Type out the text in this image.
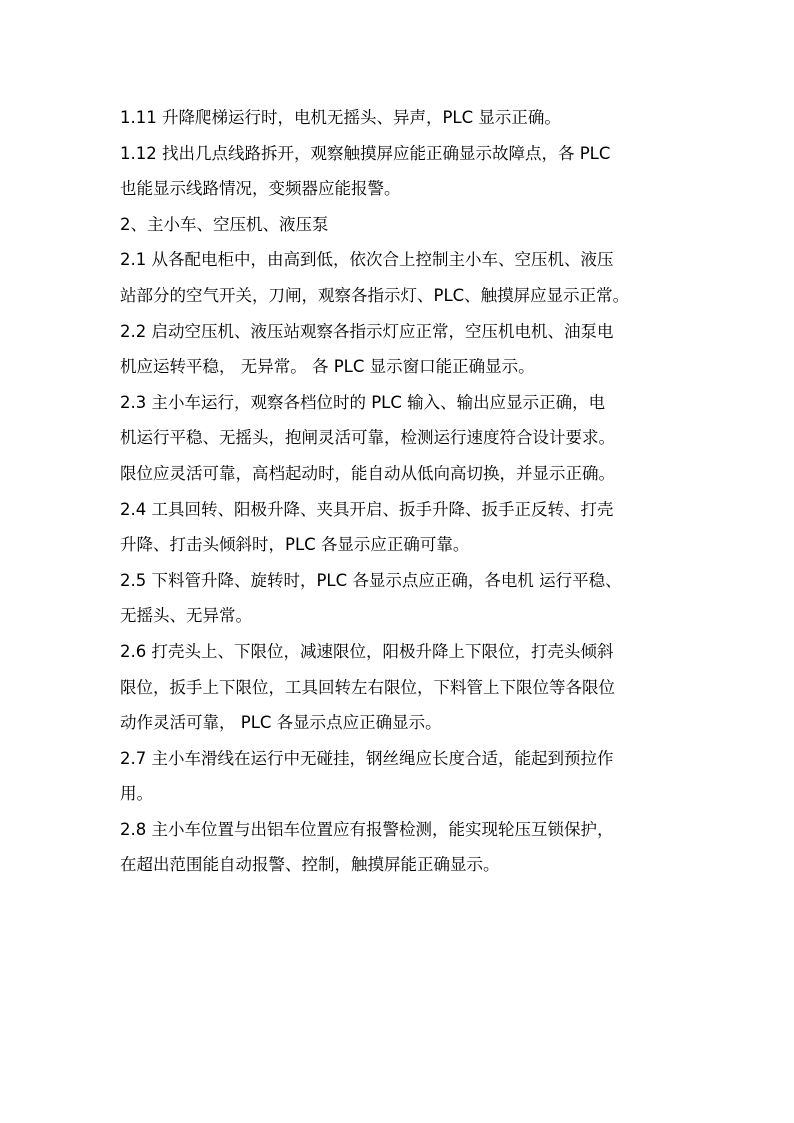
1.11 升降爬梯运行时，电机无摇头、异声，PLC 显示正确。
1.12 找出几点线路拆开，观察触摸屏应能正确显示故障点，各 PLC
也能显示线路情况，变频器应能报警。
2、主小车、空压机、液压泵
2.1 从各配电柜中，由高到低，依次合上控制主小车、空压机、液压
站部分的空气开关，刀闸，观察各指示灯、PLC、触摸屏应显示正常。
2.2 启动空压机、液压站观察各指示灯应正常，空压机电机、油泵电
机应运转平稳， 无异常。 各 PLC 显示窗口能正确显示。
2.3 主小车运行，观察各档位时的 PLC 输入、输出应显示正确，电
机运行平稳、无摇头，抱闸灵活可靠，检测运行速度符合设计要求。
限位应灵活可靠，高档起动时，能自动从低向高切换，并显示正确。
2.4 工具回转、阳极升降、夹具开启、扳手升降、扳手正反转、打壳
升降、打击头倾斜时，PLC 各显示应正确可靠。
2.5 下料管升降、旋转时，PLC 各显示点应正确，各电机 运行平稳、
无摇头、无异常。
2.6 打壳头上、下限位，减速限位，阳极升降上下限位，打壳头倾斜
限位，扳手上下限位，工具回转左右限位，下料管上下限位等各限位
动作灵活可靠， PLC 各显示点应正确显示。
2.7 主小车滑线在运行中无碰挂，钢丝绳应长度合适，能起到预拉作
用。
2.8 主小车位置与出铝车位置应有报警检测，能实现轮压互锁保护，
在超出范围能自动报警、控制，触摸屏能正确显示。
